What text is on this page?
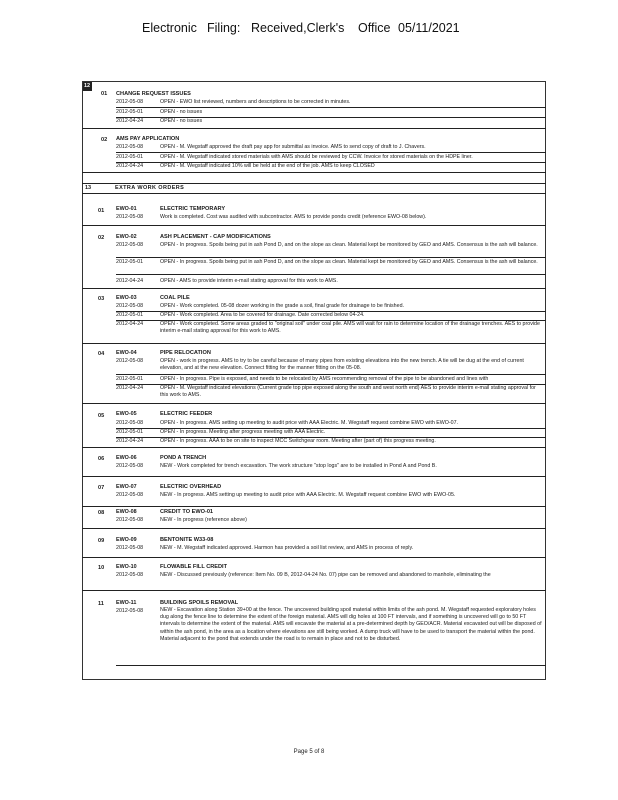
Electronic Filing: Received,Clerk's Office 05/11/2021
12
01 CHANGE REQUEST ISSUES
2012-05-08	OPEN - EWO list reviewed, numbers and descriptions to be corrected in minutes.
2012-05-01	OPEN - no issues
2012-04-24	OPEN - no issues
02 AMS PAY APPLICATION
2012-05-08	OPEN - M. Wegstaff approved the draft pay app for submittal as invoice. AMS to send copy of draft to J. Chavers.
2012-05-01	OPEN - M. Wegstaff indicated stored materials with AMS should be reviewed by CCW. Invoice for stored materials on the HDPE liner.
2012-04-24	OPEN - M. Wegstaff indicated 10% will be held at the end of the job. AMS to keep CLOSED
13	EXTRA WORK ORDERS
01 EWO-01	ELECTRIC TEMPORARY
2012-05-08	Work is completed. Cost was audited with subcontractor. AMS to provide ponds credit (reference EWO-08 below).
02 EWO-02	ASH PLACEMENT - CAP MODIFICATIONS
2012-05-08	OPEN - In progress. Spoils being put in ash Pond D, and on the slope as clean. Material kept be monitored by GEO and AMS. Consensus is the ash will balance.
2012-05-01	OPEN - In progress. Spoils being put in ash Pond D, and on the slope as clean. Material kept be monitored by GEO and AMS. Consensus is the ash will balance.
2012-04-24	OPEN - AMS to provide interim e-mail stating approval for this work to AMS.
03 EWO-03	COAL PILE
2012-05-08	OPEN - Work completed. 05-08 dozer working in the grade a soil, final grade for drainage to be finished.
2012-05-01	OPEN - Work completed. Area to be covered for drainage. Date corrected below 04-24.
2012-04-24	OPEN - Work completed. Some areas graded to "original soil" under coal pile. AMS will wait for rain to determine location of the drainage trenches. AES to provide interim e-mail stating approval for this work to AMS.
04 EWO-04	PIPE RELOCATION
2012-05-08	OPEN - work in progress. AMS to try to be careful because of many pipes from existing elevations into the new trench. A tie will be dug at the end of current elevation, and at the new elevation. Connect fitting for the manner fitting on the 05-08.
2012-05-01	OPEN - In progress. Pipe is exposed, and needs to be relocated by AMS recommending removal of the pipe to be abandoned and lines with
2012-04-24	OPEN - M. Wegstaff indicated elevations (Current grade top pipe exposed along the south and west north end) AES to provide interim e-mail stating approval for this work to AMS.
05 EWO-05	ELECTRIC FEEDER
2012-05-08	OPEN - In progress. AMS setting up meeting to audit price with AAA Electric. M. Wegstaff request combine EWO with EWO-07.
2012-05-01	OPEN - In progress. Meeting after progress meeting with AAA Electric.
2012-04-24	OPEN - In progress. AAA to be on site to inspect MCC Switchgear room. Meeting after (part of) this progress meeting.
06 EWO-06	POND A TRENCH
2012-05-08	NEW - Work completed for trench excavation. The work structure "stop logs" are to be installed in Pond A and Pond B.
07 EWO-07	ELECTRIC OVERHEAD
2012-05-08	NEW - In progress. AMS setting up meeting to audit price with AAA Electric. M. Wegstaff request combine EWO with EWO-05.
08 EWO-08	CREDIT TO EWO-01
2012-05-08	NEW - In progress (reference above)
09 EWO-09	BENTONITE W33-08
2012-05-08	NEW - M. Wegstaff indicated approved. Harmon has provided a soil list review, and AMS in process of reply.
10 EWO-10	FLOWABLE FILL CREDIT
2012-05-08	NEW - Discussed previously (reference: Item No. 09 B, 2012-04-24 No. 07) pipe can be removed and abandoned to manhole, eliminating the
11 EWO-11	BUILDING SPOILS REMOVAL
2012-05-08	NEW - Excavation along Station 39+00 at the fence. The uncovered building spoil material within limits of the ash pond. M. Wegstaff requested exploratory holes dug along the fence line to determine the extent of the foreign material. AMS will dig holes at 100 FT intervals, and if something is uncovered will go to 50 FT intervals to determine the extent of the material. AMS will excavate the material at a pre-determined depth by GEO/ACR. Material excavated out will be disposed of within the ash pond, in the area as a location where elevations are still being worked. A dump truck will have to be used to transport the material within the pond. Material adjacent to the pond that extends under the road is to remain in place and not to be disturbed.
Page 5 of 8
